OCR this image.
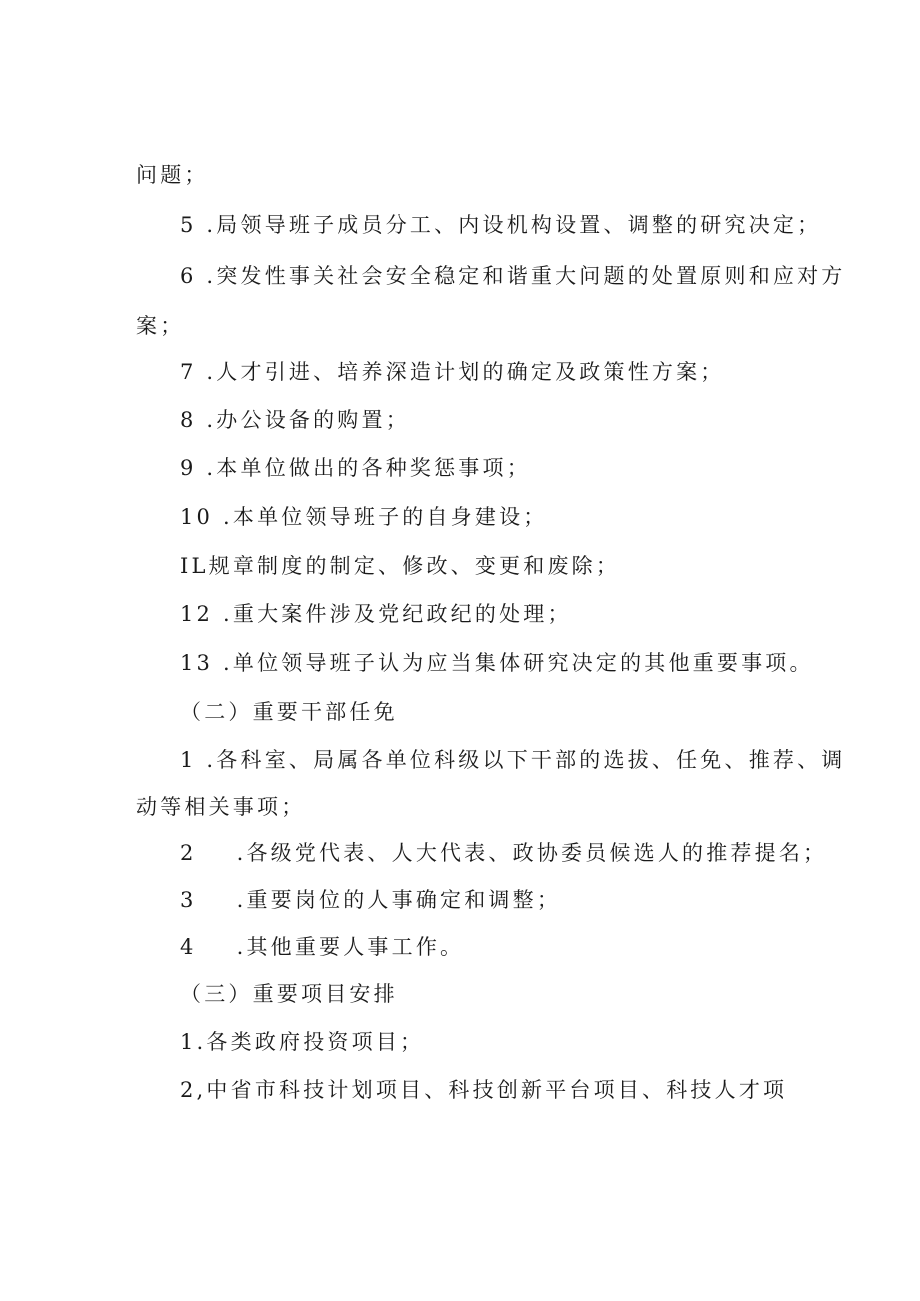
问题；
5 .局领导班子成员分工、内设机构设置、调整的研究决定；
6 .突发性事关社会安全稳定和谐重大问题的处置原则和应对方
案；
7 .人才引进、培养深造计划的确定及政策性方案；
8 .办公设备的购置；
9 .本单位做出的各种奖惩事项；
10 .本单位领导班子的自身建设；
IL规章制度的制定、修改、变更和废除；
12 .重大案件涉及党纪政纪的处理；
13 .单位领导班子认为应当集体研究决定的其他重要事项。
（二）重要干部任免
1 .各科室、局属各单位科级以下干部的选拔、任免、推荐、调
动等相关事项；
2 .各级党代表、人大代表、政协委员候选人的推荐提名；
3 .重要岗位的人事确定和调整；
4 .其他重要人事工作。
（三）重要项目安排
1.各类政府投资项目；
2,中省市科技计划项目、科技创新平台项目、科技人才项
